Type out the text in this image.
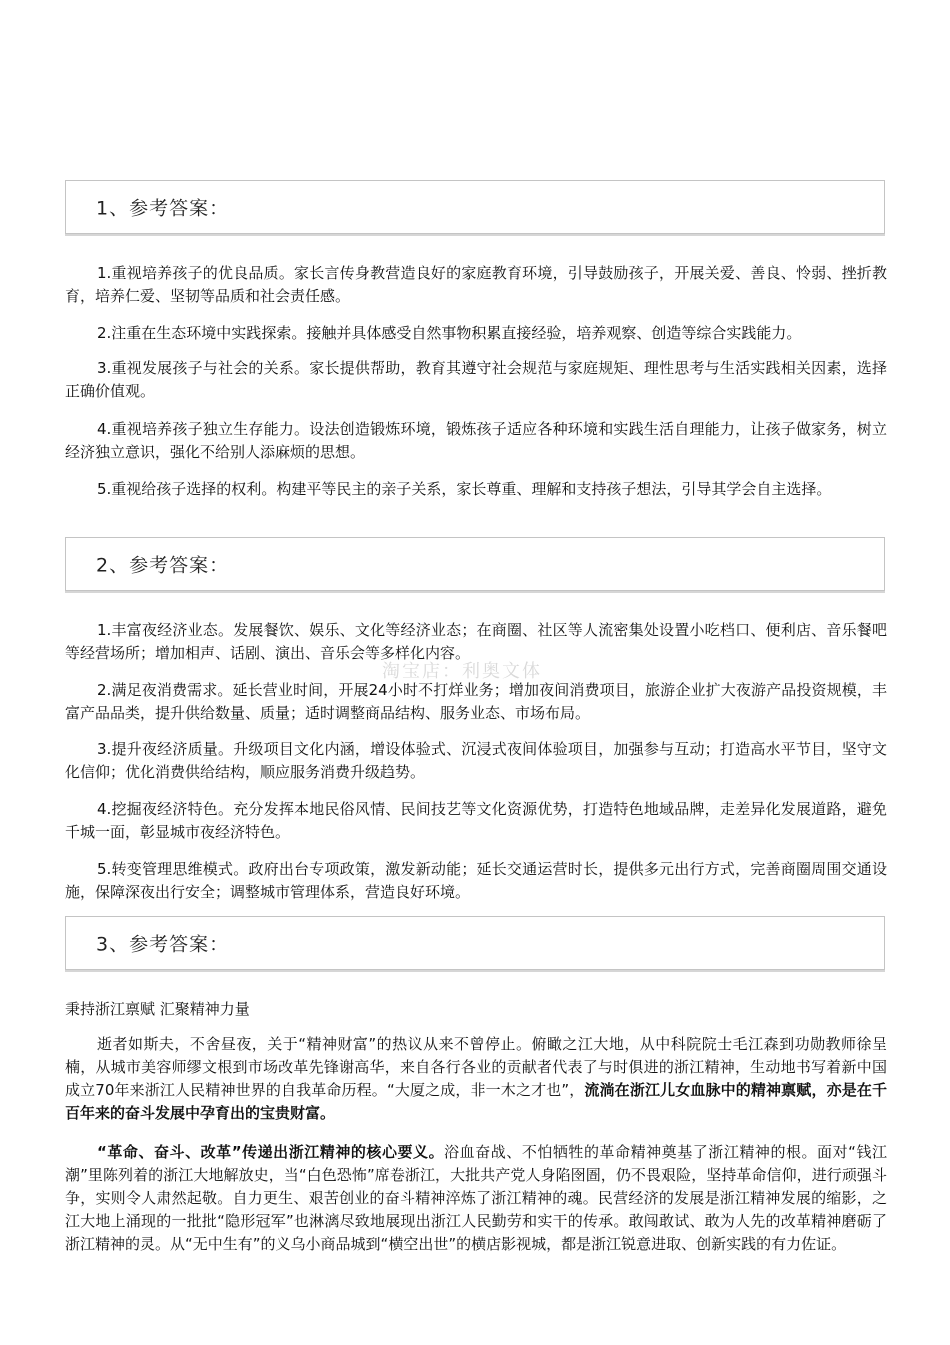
1、参考答案：

1.重视培养孩子的优良品质。家长言传身教营造良好的家庭教育环境，引导鼓励孩子，开展关爱、善良、怜弱、挫折教育，培养仁爱、坚韧等品质和社会责任感。

2.注重在生态环境中实践探索。接触并具体感受自然事物积累直接经验，培养观察、创造等综合实践能力。

3.重视发展孩子与社会的关系。家长提供帮助，教育其遵守社会规范与家庭规矩、理性思考与生活实践相关因素，选择正确价值观。

4.重视培养孩子独立生存能力。设法创造锻炼环境，锻炼孩子适应各种环境和实践生活自理能力，让孩子做家务，树立经济独立意识，强化不给别人添麻烦的思想。

5.重视给孩子选择的权利。构建平等民主的亲子关系，家长尊重、理解和支持孩子想法，引导其学会自主选择。

2、参考答案：

1.丰富夜经济业态。发展餐饮、娱乐、文化等经济业态；在商圈、社区等人流密集处设置小吃档口、便利店、音乐餐吧等经营场所；增加相声、话剧、演出、音乐会等多样化内容。

淘宝店：利奥文体

2.满足夜消费需求。延长营业时间，开展24小时不打烊业务；增加夜间消费项目，旅游企业扩大夜游产品投资规模，丰富产品品类，提升供给数量、质量；适时调整商品结构、服务业态、市场布局。

3.提升夜经济质量。升级项目文化内涵，增设体验式、沉浸式夜间体验项目，加强参与互动；打造高水平节目，坚守文化信仰；优化消费供给结构，顺应服务消费升级趋势。

4.挖掘夜经济特色。充分发挥本地民俗风情、民间技艺等文化资源优势，打造特色地域品牌，走差异化发展道路，避免千城一面，彰显城市夜经济特色。

5.转变管理思维模式。政府出台专项政策，激发新动能；延长交通运营时长，提供多元出行方式，完善商圈周围交通设施，保障深夜出行安全；调整城市管理体系，营造良好环境。

3、参考答案：

秉持浙江禀赋 汇聚精神力量

逝者如斯夫，不舍昼夜，关于“精神财富”的热议从来不曾停止。俯瞰之江大地，从中科院院士毛江森到功勋教师徐呈楠，从城市美容师缪文根到市场改革先锋谢高华，来自各行各业的贡献者代表了与时俱进的浙江精神，生动地书写着新中国成立70年来浙江人民精神世界的自我革命历程。“大厦之成，非一木之才也”，流淌在浙江儿女血脉中的精神禀赋，亦是在千百年来的奋斗发展中孕育出的宝贵财富。

“革命、奋斗、改革”传递出浙江精神的核心要义。浴血奋战、不怕牺牲的革命精神奠基了浙江精神的根。面对“钱江潮”里陈列着的浙江大地解放史，当“白色恐怖”席卷浙江，大批共产党人身陷囹圄，仍不畏艰险，坚持革命信仰，进行顽强斗争，实则令人肃然起敬。自力更生、艰苦创业的奋斗精神淬炼了浙江精神的魂。民营经济的发展是浙江精神发展的缩影，之江大地上涌现的一批批“隐形冠军”也淋漓尽致地展现出浙江人民勤劳和实干的传承。敢闯敢试、敢为人先的改革精神磨砺了浙江精神的灵。从“无中生有”的义乌小商品城到“横空出世”的横店影视城，都是浙江锐意进取、创新实践的有力佐证。
